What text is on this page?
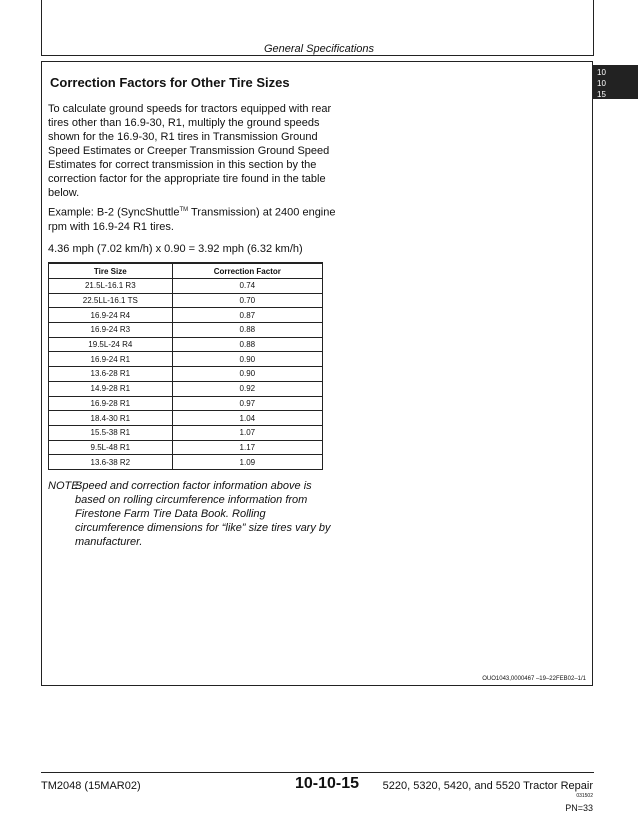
General Specifications
10
10
15
Correction Factors for Other Tire Sizes
To calculate ground speeds for tractors equipped with rear tires other than 16.9-30, R1, multiply the ground speeds shown for the 16.9-30, R1 tires in Transmission Ground Speed Estimates or Creeper Transmission Ground Speed Estimates for correct transmission in this section by the correction factor for the appropriate tire found in the table below.
Example: B-2 (SyncShuttle™ Transmission) at 2400 engine rpm with 16.9-24 R1 tires.
4.36 mph (7.02 km/h) x 0.90 = 3.92 mph (6.32 km/h)
Tire Size	Correction Factor
21.5L-16.1 R3	0.74
22.5LL-16.1 TS	0.70
16.9-24 R4	0.87
16.9-24 R3	0.88
19.5L-24 R4	0.88
16.9-24 R1	0.90
13.6-28 R1	0.90
14.9-28 R1	0.92
16.9-28 R1	0.97
18.4-30 R1	1.04
15.5-38 R1	1.07
9.5L-48 R1	1.17
13.6-38 R2	1.09
NOTE:
Speed and correction factor information above is based on rolling circumference information from Firestone Farm Tire Data Book. Rolling circumference dimensions for “like” size tires vary by manufacturer.
OUO1043,0000467 –19–22FEB02–1/1
TM2048 (15MAR02)	10-10-15 5220, 5320, 5420, and 5520 Tractor Repair
031502
PN=33
